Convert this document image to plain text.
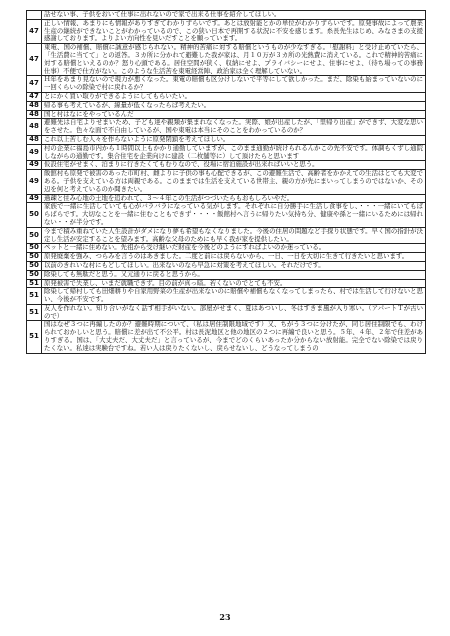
	話せない事、子供をおいて仕事に出れないので家で出来る仕事を紹介してほしい。
47	正しい情報、あまりにも情報がありすぎてわかりずらいです。あとは放射能とかの単位がわかりずらいです。原発事故によって農業生産の継続ができないことがわかっているので、この狭い日本で再開する状況に不安を感じます。糸長先生はじめ、みなさまの支援感謝しております。よりよい方向性を見いだすことを願っています。
47	東電、国の補償、賠償に誠意が感じられない。精神的苦痛に対する賠償というものが少なすぎる。「慰謝料」と受け止めていたら、「生活費に当てて」との返答。３カ所に分かれて避難した我が家は、月１０万が３カ所の光熱費に消えている。これで精神的苦痛に対する賠償といえるのか？怒り心頭である。居住空間が狭く、収納にせよ、プライバシーにせよ、住事にせよ、（待ち場っての事務仕事）不便で仕方がない。このような生活苦を東電経営陣、政治家は全く理解していない。
47	Ｈ年をあまり見ないので現力が悪くなった。東電の賠償も区分けしないで平等にして欲しかった。まだ、除染も始まっていないのに一回くらいの除染で村に戻れるか？
47	とにかく買い取りができるようにしてもらいたい。
48	帰る事も考えているが、線量が低くなったらば考えたい。
48	国と村はなにをやっているんだ
48	避難先は自宅よりせまいため、子ども達や親類が集まれなくなった。実際、娘が出産したが、「里帰り出産」ができず、大変な思いをさせた。色々な面で不自由しているが、国や東電は本当にそのことをわかっているのか？
48	これ以上苦しむ人々を作らないように原発閉鎖を考えてほしい。
49	村の企業に福島市内から１時間以上もかかり通勤していますが、このまま通勤が続けられるんかこの先不安です。体調もくずし通院しながらの通勤です。集合住宅を企業向けに建設（二枚舗等に）して頂けたらと思います
49	仮設住宅がせまく、泊まりに行きたくてもむりなので、役場に宿泊施設が出来ればいいと思う。
49	飯舘村も原発で被害のあった市町村、雌よりに子供の事も心配できるが、この避難生活で、高齢者をかかえての生活はとても大変である。子供を支えている方は両親である。このままでは生活を支えている世帯主、親の方が先にまいってしまうのではないか、その辺を何と考えているのか聞きたい。
49	過疎と住み心地の土地を追われて、３〜４年この生活がつづいたらもおもしろいやだ。
50	家族で一緒に生活していても心がバラバラになっている気がします。それぞれに自分勝手に生活し食事をし、・・・一緒にいてもばらばらです。大切なことを一緒に住むこともできず・・・・飯館村へ言うに帰りたい気持ち分、健康や孫と一緒にいるためには帰れない・・が半分です。
50	今まで積み重ねていた人生設計がダメになり夢も希望もなくなりました。今後の住居の問題など手探り状態です。早く国の指針が決定し生活が安定することを望みます。高齢な父母のためにも早く我が家を提供したい。
50	ペットと一緒に住めない。先祖から受け継いだ財産を今後どのようにすればよいのか迷っている。
50	原発廃棄を強み、つらみを言うのはあきました。二度と前には戻らないから、一日、一日を大切に生きて行きたいと思います。
50	以前のきれいな村にもどしてほしい。出来ないのなら早急に対策を考えてほしい。それだけです。
50	除染しても無駄だと思う。又元通りに戻ると思うから。
51	原発被害で失業し、いまだ就職できず。目の前が真っ暗。若くないのでとても不安。
51	除染して帰村しても田畑耕りや自家用野菜の生産が出来ないのに賠償や補償もなくなってしまったら、村では生活して行けないと思い、今後が不安です。
51	友人を作れない。知り合いがなく話す相手がいない。部屋がせまく、夏はあついし、冬はすきま風が入り寒い。（アパートＴが古いので）
51	国はなぜ３つに再編したのか？避難時期について、（私は居住制限地域です）又、ちがう３つに分けたが、同じ居住制限でも、わけられておかしいと思う。賠償に差が出て不公平。村は長泥地区と他の地区の２つに再編で良いと思う。５年、４年、２年で住差がありすぎる。国は、「大丈夫だ、大丈夫だ」と言っているが、今までどのくらいあったか分からない放射能。完全でない除染では戻りたくない。私達は実験台ですね。若い人は戻りたくないし、戻らせないし、どうなってしまうの
23
